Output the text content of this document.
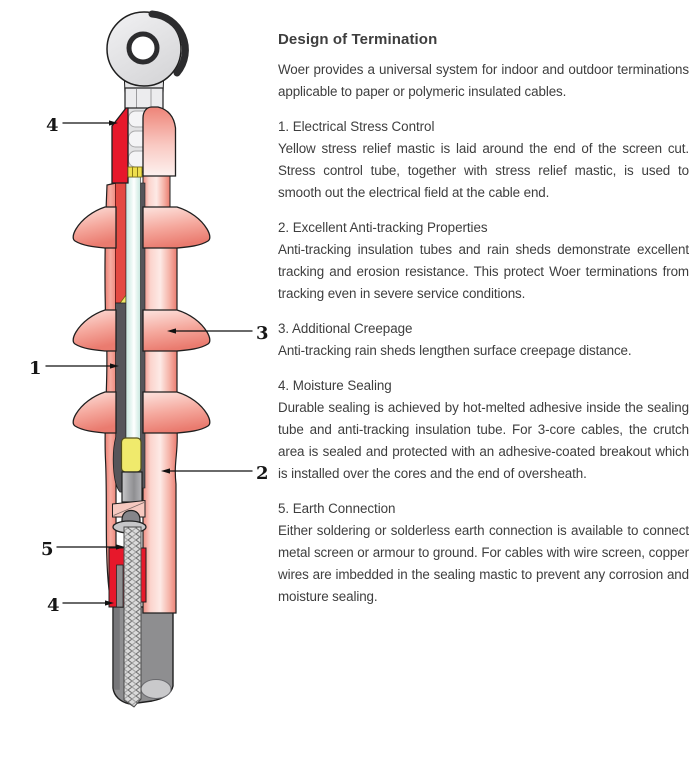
4
3
1
2
5
4
Design of Termination
Woer provides a universal system for indoor and outdoor terminations applicable to paper or polymeric insulated cables.
1. Electrical Stress Control
Yellow stress relief mastic is laid around the end of the screen cut. Stress control tube, together with stress relief mastic, is used to smooth out the electrical field at the cable end.
2. Excellent Anti-tracking Properties
Anti-tracking insulation tubes and rain sheds demonstrate excellent tracking and erosion resistance. This protect Woer terminations from tracking even in severe service conditions.
3. Additional Creepage
Anti-tracking rain sheds lengthen surface creepage distance.
4. Moisture Sealing
Durable sealing is achieved by hot-melted adhesive inside the sealing tube and anti-tracking insulation tube. For 3-core cables, the crutch area is sealed and protected with an adhesive-coated breakout which is installed over the cores and the end of oversheath.
5. Earth Connection
Either soldering or solderless earth connection is available to connect metal screen or armour to ground. For cables with wire screen, copper wires are imbedded in the sealing mastic to prevent any corrosion and moisture sealing.
